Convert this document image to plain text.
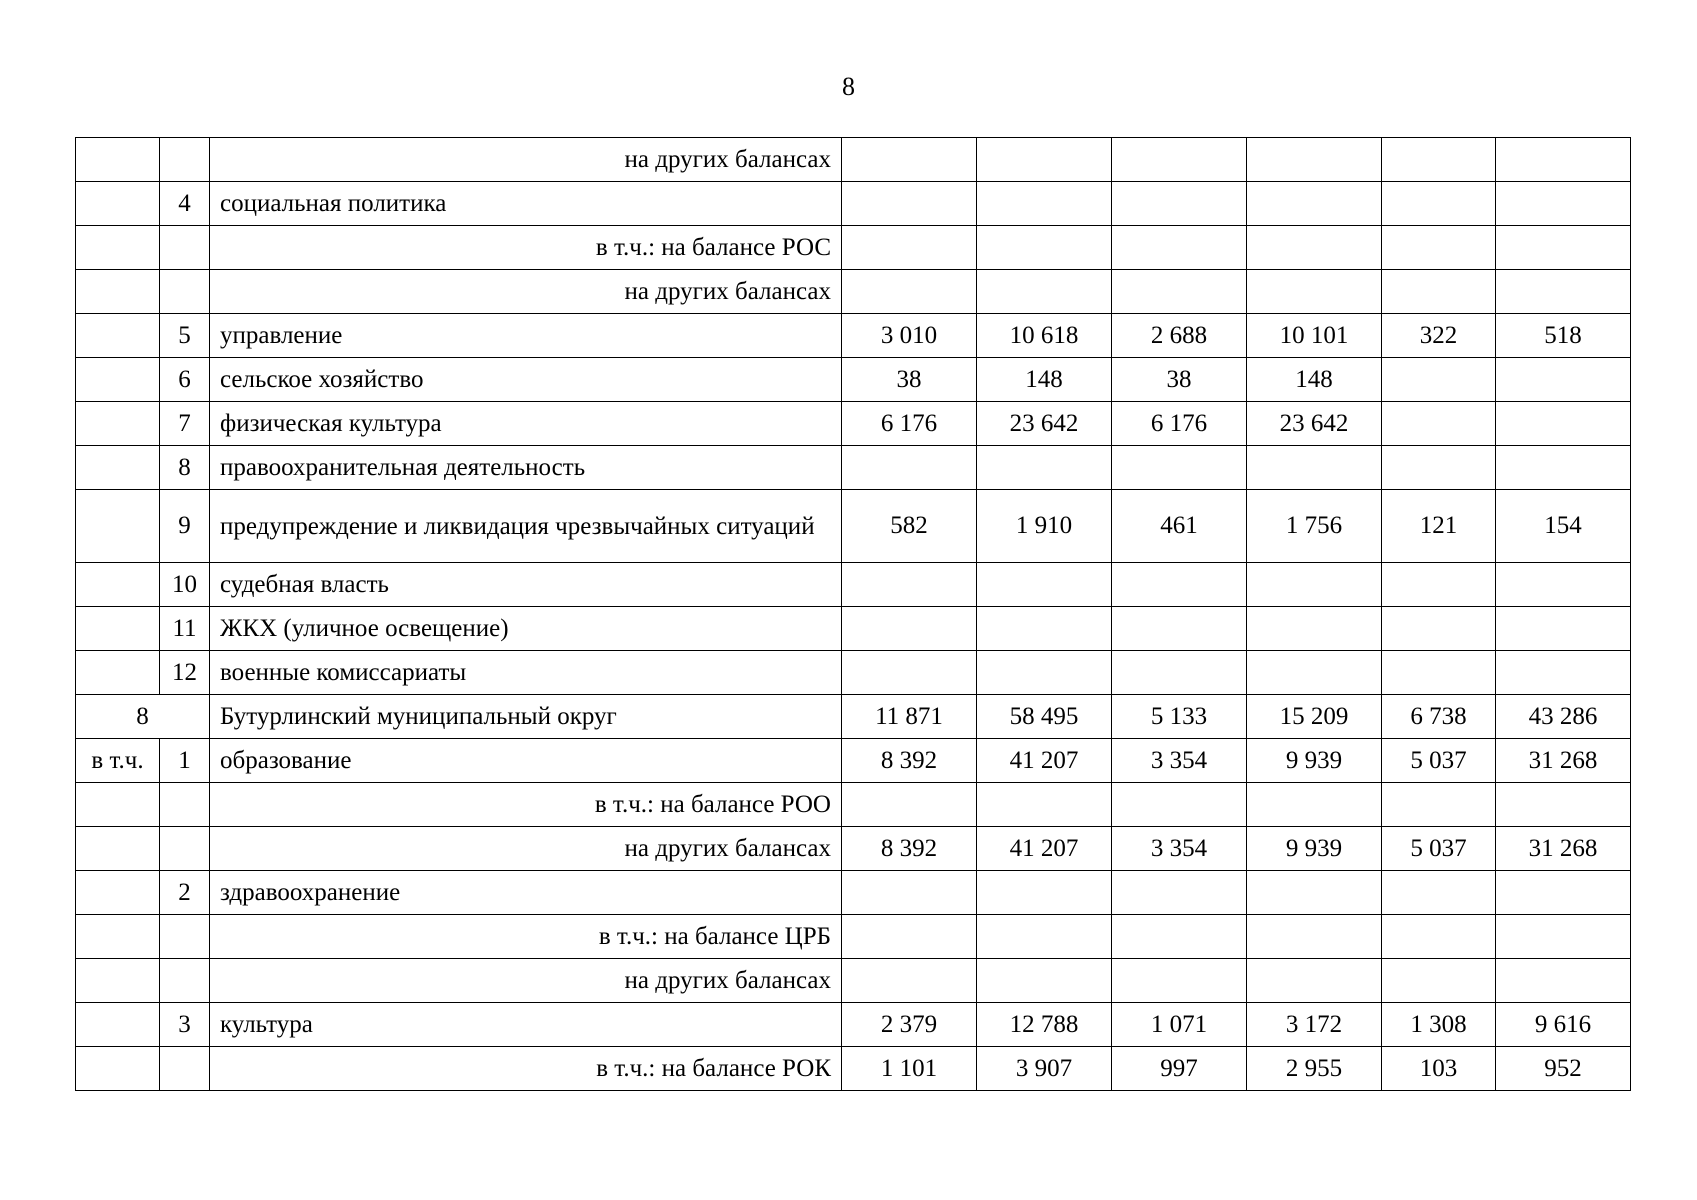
8
		на других балансах						
	4	социальная политика						
		в т.ч.: на балансе РОС						
		на других балансах						
	5	управление	3 010	10 618	2 688	10 101	322	518
	6	сельское хозяйство	38	148	38	148		
	7	физическая культура	6 176	23 642	6 176	23 642		
	8	правоохранительная деятельность						
	9	предупреждение и ликвидация чрезвычайных ситуаций	582	1 910	461	1 756	121	154
	10	судебная власть						
	11	ЖКХ (уличное освещение)						
	12	военные комиссариаты						
8		Бутурлинский муниципальный округ	11 871	58 495	5 133	15 209	6 738	43 286
в т.ч.	1	образование	8 392	41 207	3 354	9 939	5 037	31 268
		в т.ч.: на балансе РОО						
		на других балансах	8 392	41 207	3 354	9 939	5 037	31 268
	2	здравоохранение						
		в т.ч.: на балансе ЦРБ						
		на других балансах						
	3	культура	2 379	12 788	1 071	3 172	1 308	9 616
		в т.ч.: на балансе РОК	1 101	3 907	997	2 955	103	952
